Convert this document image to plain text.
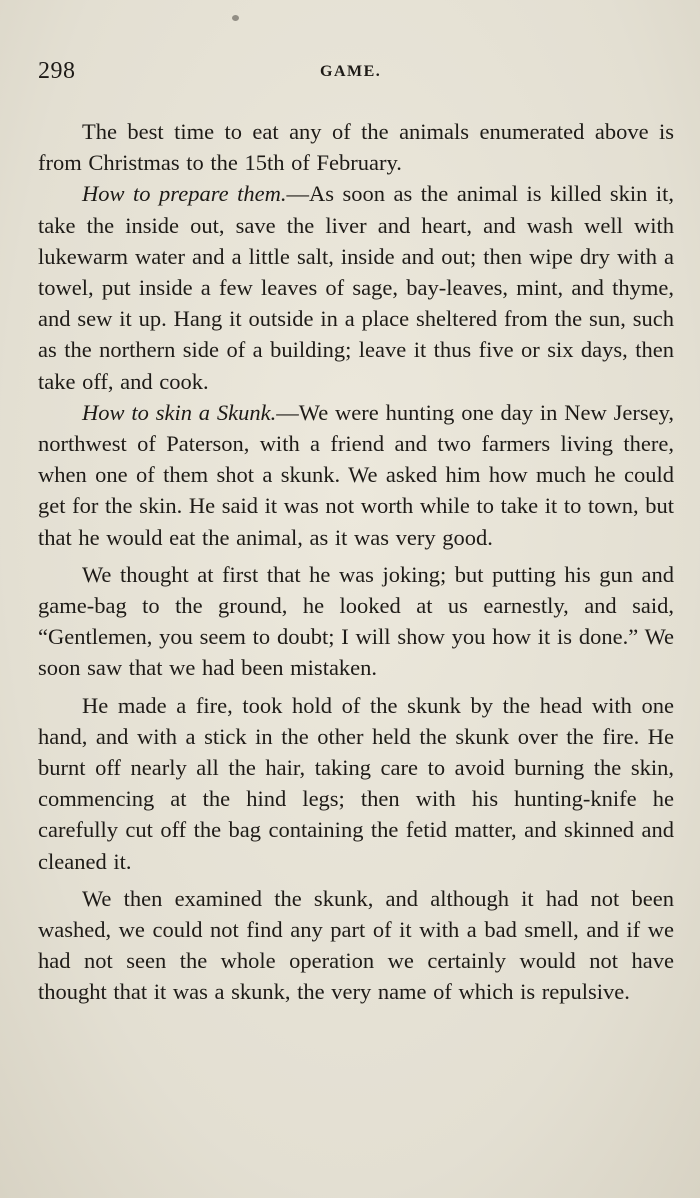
298	GAME.

The best time to eat any of the animals enumerated above is from Christmas to the 15th of February.

How to prepare them.—As soon as the animal is killed skin it, take the inside out, save the liver and heart, and wash well with lukewarm water and a little salt, inside and out; then wipe dry with a towel, put inside a few leaves of sage, bay-leaves, mint, and thyme, and sew it up. Hang it outside in a place sheltered from the sun, such as the northern side of a building; leave it thus five or six days, then take off, and cook.

How to skin a Skunk.—We were hunting one day in New Jersey, northwest of Paterson, with a friend and two farmers living there, when one of them shot a skunk. We asked him how much he could get for the skin. He said it was not worth while to take it to town, but that he would eat the animal, as it was very good.

We thought at first that he was joking; but putting his gun and game-bag to the ground, he looked at us earnestly, and said, “Gentlemen, you seem to doubt; I will show you how it is done.” We soon saw that we had been mistaken.

He made a fire, took hold of the skunk by the head with one hand, and with a stick in the other held the skunk over the fire. He burnt off nearly all the hair, taking care to avoid burning the skin, commencing at the hind legs; then with his hunting-knife he carefully cut off the bag containing the fetid matter, and skinned and cleaned it.

We then examined the skunk, and although it had not been washed, we could not find any part of it with a bad smell, and if we had not seen the whole operation we certainly would not have thought that it was a skunk, the very name of which is repulsive.
